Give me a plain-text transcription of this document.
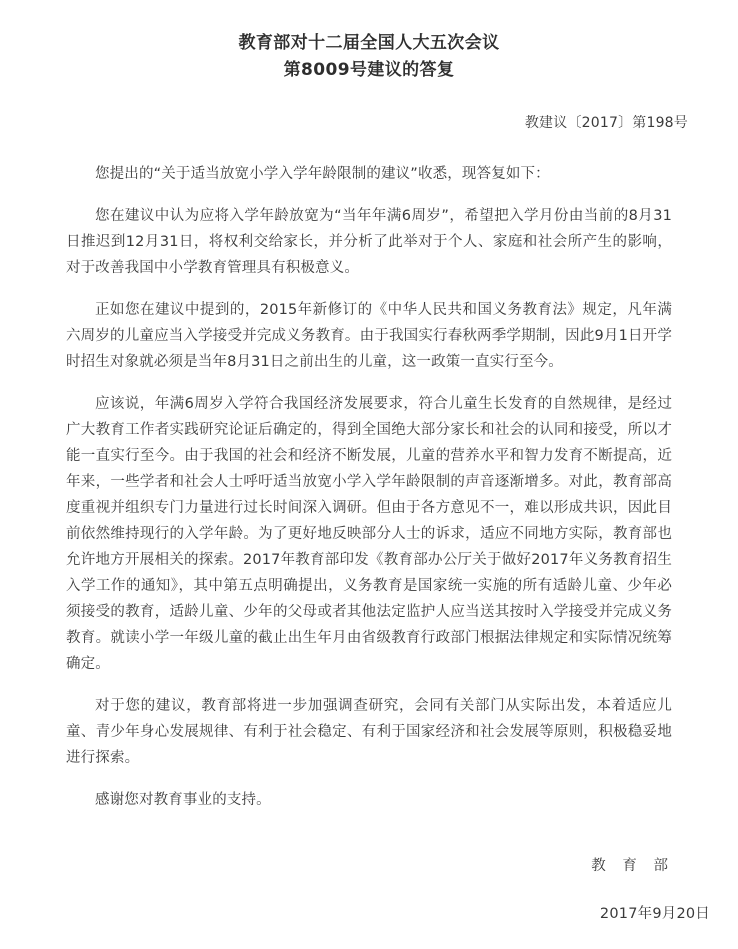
教育部对十二届全国人大五次会议
第8009号建议的答复
教建议〔2017〕第198号

您提出的“关于适当放宽小学入学年龄限制的建议”收悉，现答复如下：

您在建议中认为应将入学年龄放宽为“当年年满6周岁”，希望把入学月份由当前的8月31日推迟到12月31日，将权利交给家长，并分析了此举对于个人、家庭和社会所产生的影响，对于改善我国中小学教育管理具有积极意义。

正如您在建议中提到的，2015年新修订的《中华人民共和国义务教育法》规定，凡年满六周岁的儿童应当入学接受并完成义务教育。由于我国实行春秋两季学期制，因此9月1日开学时招生对象就必须是当年8月31日之前出生的儿童，这一政策一直实行至今。

应该说，年满6周岁入学符合我国经济发展要求，符合儿童生长发育的自然规律，是经过广大教育工作者实践研究论证后确定的，得到全国绝大部分家长和社会的认同和接受，所以才能一直实行至今。由于我国的社会和经济不断发展，儿童的营养水平和智力发育不断提高，近年来，一些学者和社会人士呼吁适当放宽小学入学年龄限制的声音逐渐增多。对此，教育部高度重视并组织专门力量进行过长时间深入调研。但由于各方意见不一，难以形成共识，因此目前依然维持现行的入学年龄。为了更好地反映部分人士的诉求，适应不同地方实际，教育部也允许地方开展相关的探索。2017年教育部印发《教育部办公厅关于做好2017年义务教育招生入学工作的通知》，其中第五点明确提出，义务教育是国家统一实施的所有适龄儿童、少年必须接受的教育，适龄儿童、少年的父母或者其他法定监护人应当送其按时入学接受并完成义务教育。就读小学一年级儿童的截止出生年月由省级教育行政部门根据法律规定和实际情况统筹确定。

对于您的建议，教育部将进一步加强调查研究，会同有关部门从实际出发，本着适应儿童、青少年身心发展规律、有利于社会稳定、有利于国家经济和社会发展等原则，积极稳妥地进行探索。

感谢您对教育事业的支持。

教 育 部
2017年9月20日
